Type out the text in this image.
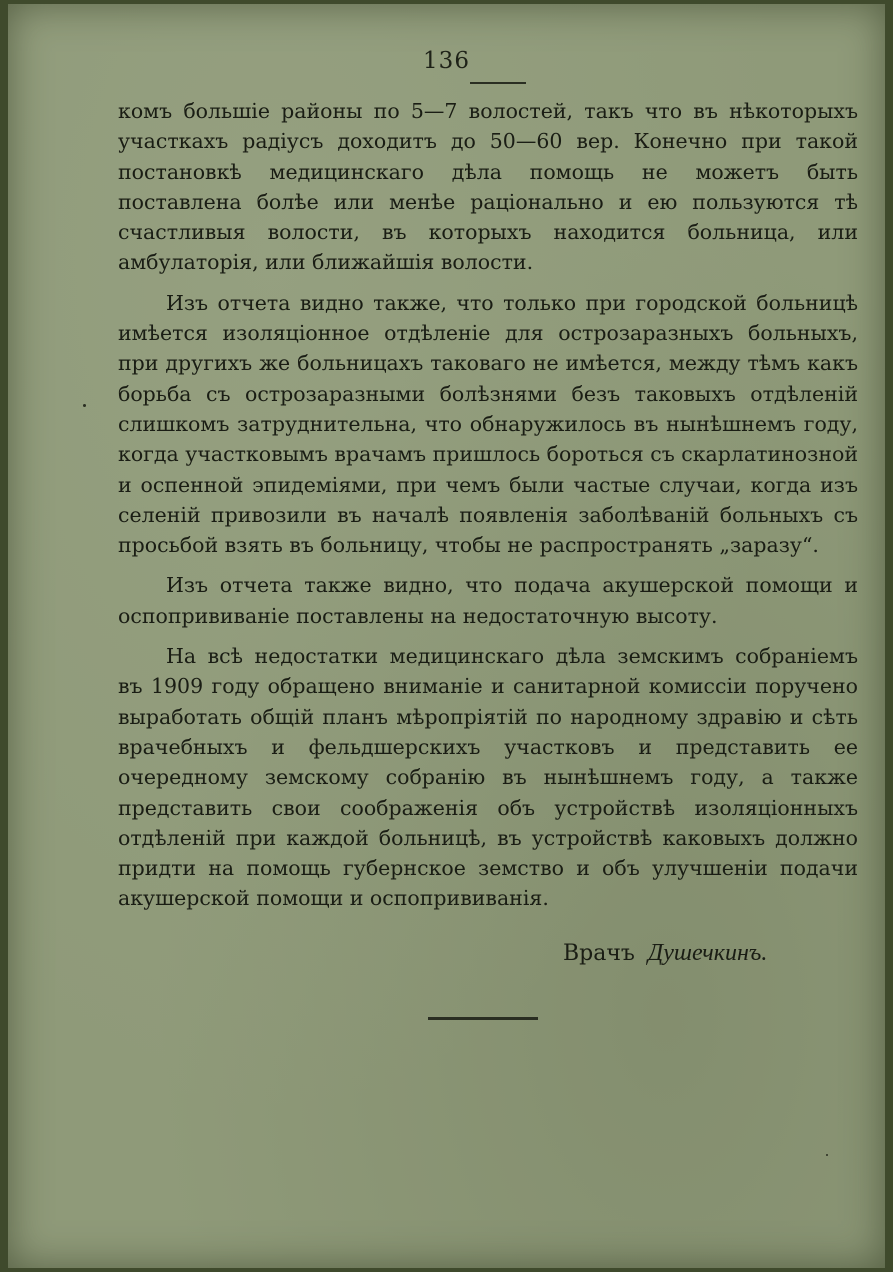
136

комъ большіе районы по 5—7 волостей, такъ что въ нѣкоторыхъ участкахъ радіусъ доходитъ до 50—60 вер. Конечно при такой постановкѣ медицинскаго дѣла помощь не можетъ быть поставлена болѣе или менѣе раціонально и ею пользуются тѣ счастливыя волости, въ которыхъ находится больница, или амбулаторія, или ближайшія волости.

Изъ отчета видно также, что только при городской больницѣ имѣется изоляціонное отдѣленіе для острозаразныхъ больныхъ, при другихъ же больницахъ таковаго не имѣется, между тѣмъ какъ борьба съ острозаразными болѣзнями безъ таковыхъ отдѣленій слишкомъ затруднительна, что обнаружилось въ нынѣшнемъ году, когда участковымъ врачамъ пришлось бороться съ скарлатинозной и оспенной эпидеміями, при чемъ были частые случаи, когда изъ селеній привозили въ началѣ появленія заболѣваній больныхъ съ просьбой взять въ больницу, чтобы не распространять „заразу“.

Изъ отчета также видно, что подача акушерской помощи и оспопрививаніе поставлены на недостаточную высоту.

На всѣ недостатки медицинскаго дѣла земскимъ собраніемъ въ 1909 году обращено вниманіе и санитарной комиссіи поручено выработать общій планъ мѣропріятій по народному здравію и сѣть врачебныхъ и фельдшерскихъ участковъ и представить ее очередному земскому собранію въ нынѣшнемъ году, а также представить свои соображенія объ устройствѣ изоляціонныхъ отдѣленій при каждой больницѣ, въ устройствѣ каковыхъ должно придти на помощь губернское земство и объ улучшеніи подачи акушерской помощи и оспопрививанія.

Врачъ Душечкинъ.
